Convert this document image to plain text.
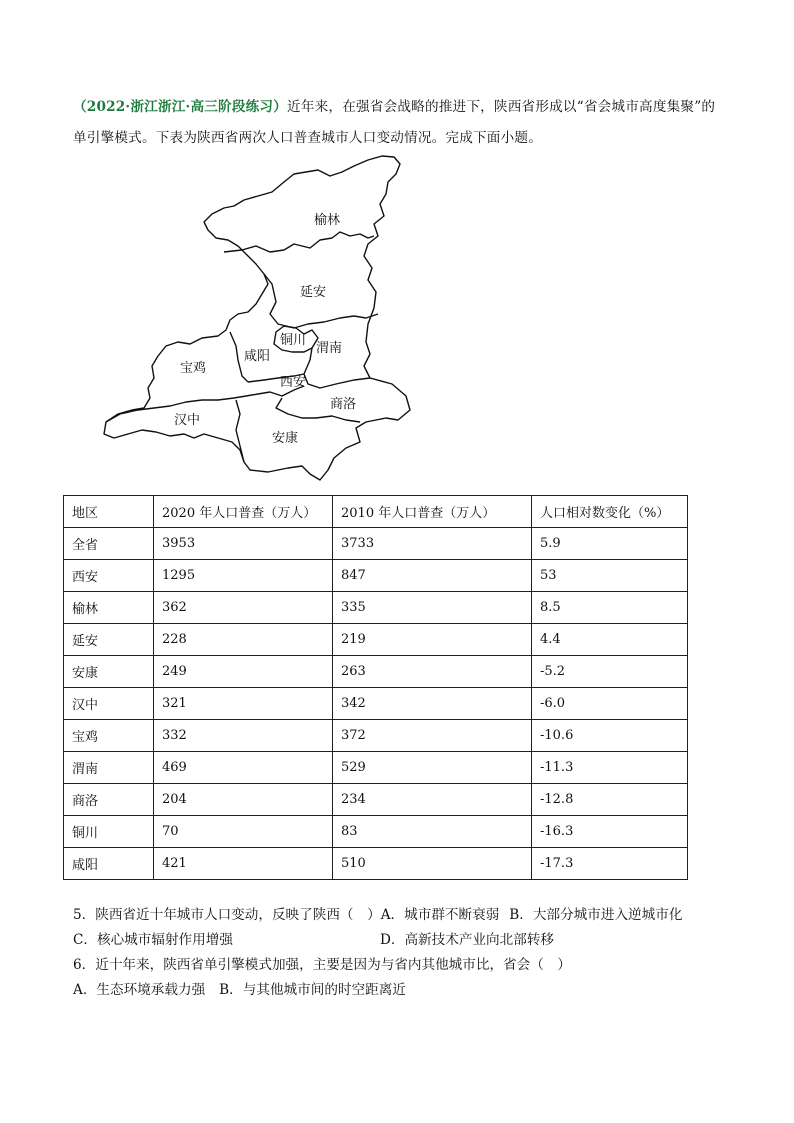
（2022·浙江浙江·高三阶段练习）近年来，在强省会战略的推进下，陕西省形成以“省会城市高度集聚”的单引擎模式。下表为陕西省两次人口普查城市人口变动情况。完成下面小题。
榆林
延安
铜川
渭南
咸阳
宝鸡
西安
商洛
汉中
安康
地区	2020 年人口普查（万人）	2010 年人口普查（万人）	人口相对数变化（%）
全省	3953	3733	5.9
西安	1295	847	53
榆林	362	335	8.5
延安	228	219	4.4
安康	249	263	-5.2
汉中	321	342	-6.0
宝鸡	332	372	-10.6
渭南	469	529	-11.3
商洛	204	234	-12.8
铜川	70	83	-16.3
咸阳	421	510	-17.3
5．陕西省近十年城市人口变动，反映了陕西（　）A．城市群不断衰弱 B．大部分城市进入逆城市化
C．核心城市辐射作用增强	D．高新技术产业向北部转移
6．近十年来，陕西省单引擎模式加强，主要是因为与省内其他城市比，省会（　）
A．生态环境承载力强 B．与其他城市间的时空距离近
